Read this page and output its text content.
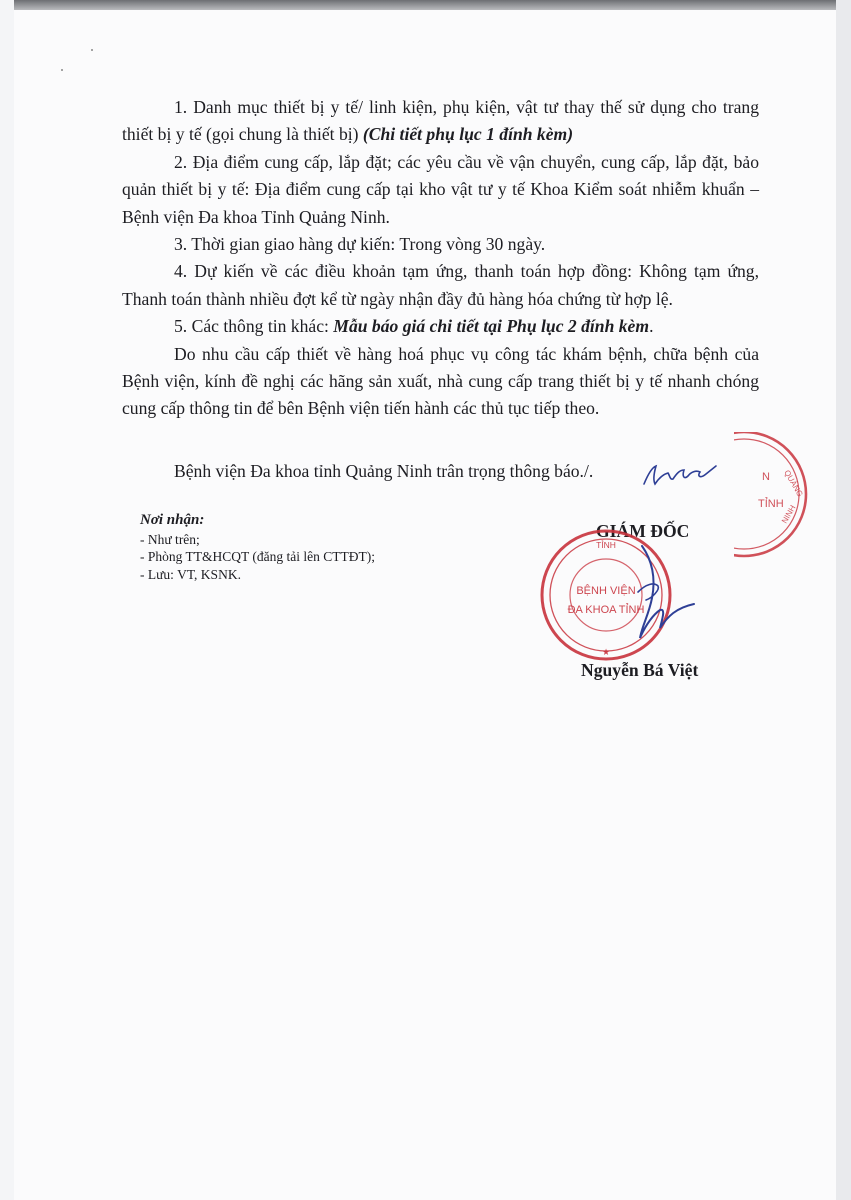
1. Danh mục thiết bị y tế/ linh kiện, phụ kiện, vật tư thay thế sử dụng cho trang thiết bị y tế (gọi chung là thiết bị) (Chi tiết phụ lục 1 đính kèm)

2. Địa điểm cung cấp, lắp đặt; các yêu cầu về vận chuyển, cung cấp, lắp đặt, bảo quản thiết bị y tế: Địa điểm cung cấp tại kho vật tư y tế Khoa Kiểm soát nhiễm khuẩn – Bệnh viện Đa khoa Tỉnh Quảng Ninh.

3. Thời gian giao hàng dự kiến: Trong vòng 30 ngày.

4. Dự kiến về các điều khoản tạm ứng, thanh toán hợp đồng: Không tạm ứng, Thanh toán thành nhiều đợt kể từ ngày nhận đầy đủ hàng hóa chứng từ hợp lệ.

5. Các thông tin khác: Mẫu báo giá chi tiết tại Phụ lục 2 đính kèm.

Do nhu cầu cấp thiết về hàng hoá phục vụ công tác khám bệnh, chữa bệnh của Bệnh viện, kính đề nghị các hãng sản xuất, nhà cung cấp trang thiết bị y tế nhanh chóng cung cấp thông tin để bên Bệnh viện tiến hành các thủ tục tiếp theo.

Bệnh viện Đa khoa tỉnh Quảng Ninh trân trọng thông báo./.
Nơi nhận:
- Như trên;
- Phòng TT&HCQT (đăng tải lên CTTĐT);
- Lưu: VT, KSNK.
N
TỈNH
QUẢNG
NINH
GIÁM ĐỐC
TỈNH
BỆNH VIỆN
ĐA KHOA TỈNH
★
Nguyễn Bá Việt
